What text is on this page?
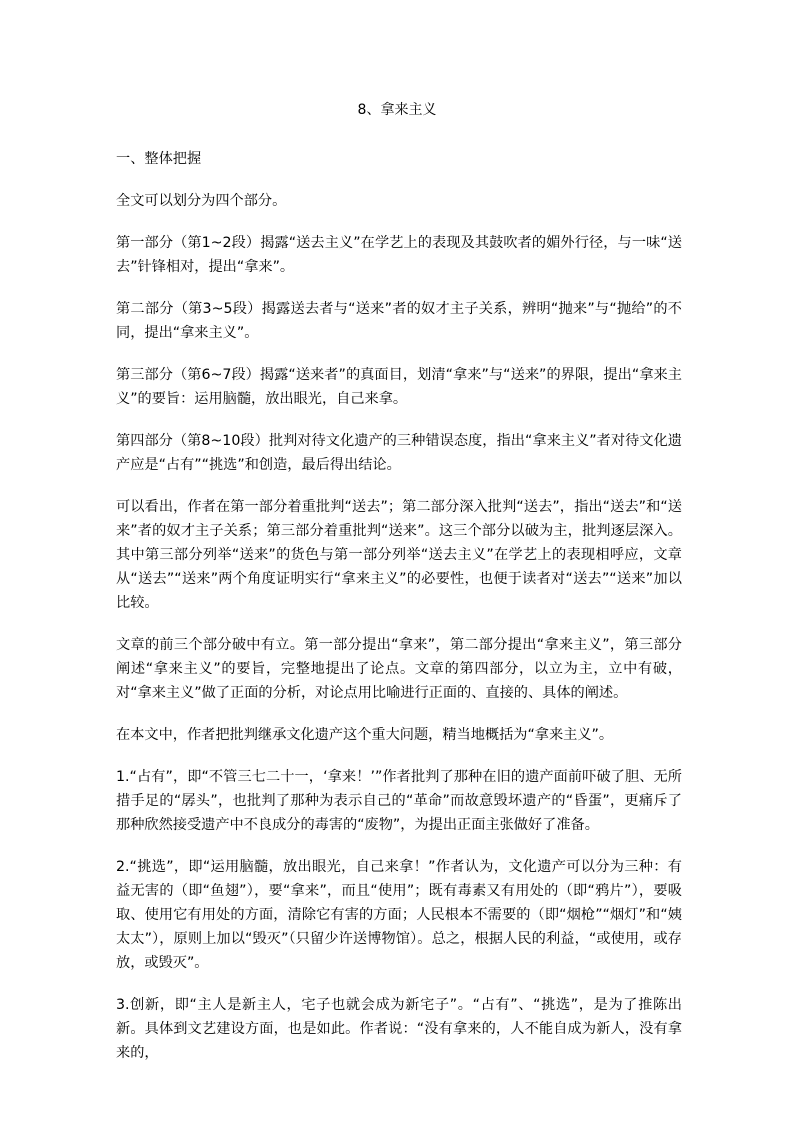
8、拿来主义

一、整体把握

全文可以划分为四个部分。

第一部分（第1~2段）揭露“送去主义”在学艺上的表现及其鼓吹者的媚外行径，与一味“送去”针锋相对，提出“拿来”。

第二部分（第3~5段）揭露送去者与“送来”者的奴才主子关系，辨明“抛来”与“抛给”的不同，提出“拿来主义”。

第三部分（第6~7段）揭露“送来者”的真面目，划清“拿来”与“送来”的界限，提出“拿来主义”的要旨：运用脑髓，放出眼光，自己来拿。

第四部分（第8~10段）批判对待文化遗产的三种错误态度，指出“拿来主义”者对待文化遗产应是“占有”“挑选”和创造，最后得出结论。

可以看出，作者在第一部分着重批判“送去”；第二部分深入批判“送去”，指出“送去”和“送来”者的奴才主子关系；第三部分着重批判“送来”。这三个部分以破为主，批判逐层深入。其中第三部分列举“送来”的货色与第一部分列举“送去主义”在学艺上的表现相呼应，文章从“送去”“送来”两个角度证明实行“拿来主义”的必要性，也便于读者对“送去”“送来”加以比较。

文章的前三个部分破中有立。第一部分提出“拿来”，第二部分提出“拿来主义”，第三部分阐述“拿来主义”的要旨，完整地提出了论点。文章的第四部分，以立为主，立中有破，对“拿来主义”做了正面的分析，对论点用比喻进行正面的、直接的、具体的阐述。

在本文中，作者把批判继承文化遗产这个重大问题，精当地概括为“拿来主义”。

1.“占有”，即“不管三七二十一，‘拿来！’”作者批判了那种在旧的遗产面前吓破了胆、无所措手足的“孱头”，也批判了那种为表示自己的“革命”而故意毁坏遗产的“昏蛋”，更痛斥了那种欣然接受遗产中不良成分的毒害的“废物”，为提出正面主张做好了准备。

2.“挑选”，即“运用脑髓，放出眼光，自己来拿！”作者认为，文化遗产可以分为三种：有益无害的（即“鱼翅”），要“拿来”，而且“使用”；既有毒素又有用处的（即“鸦片”），要吸取、使用它有用处的方面，清除它有害的方面；人民根本不需要的（即“烟枪”“烟灯”和“姨太太”），原则上加以“毁灭”（只留少许送博物馆）。总之，根据人民的利益，“或使用，或存放，或毁灭”。

3.创新，即“主人是新主人，宅子也就会成为新宅子”。“占有”、“挑选”，是为了推陈出新。具体到文艺建设方面，也是如此。作者说：“没有拿来的，人不能自成为新人，没有拿来的，
